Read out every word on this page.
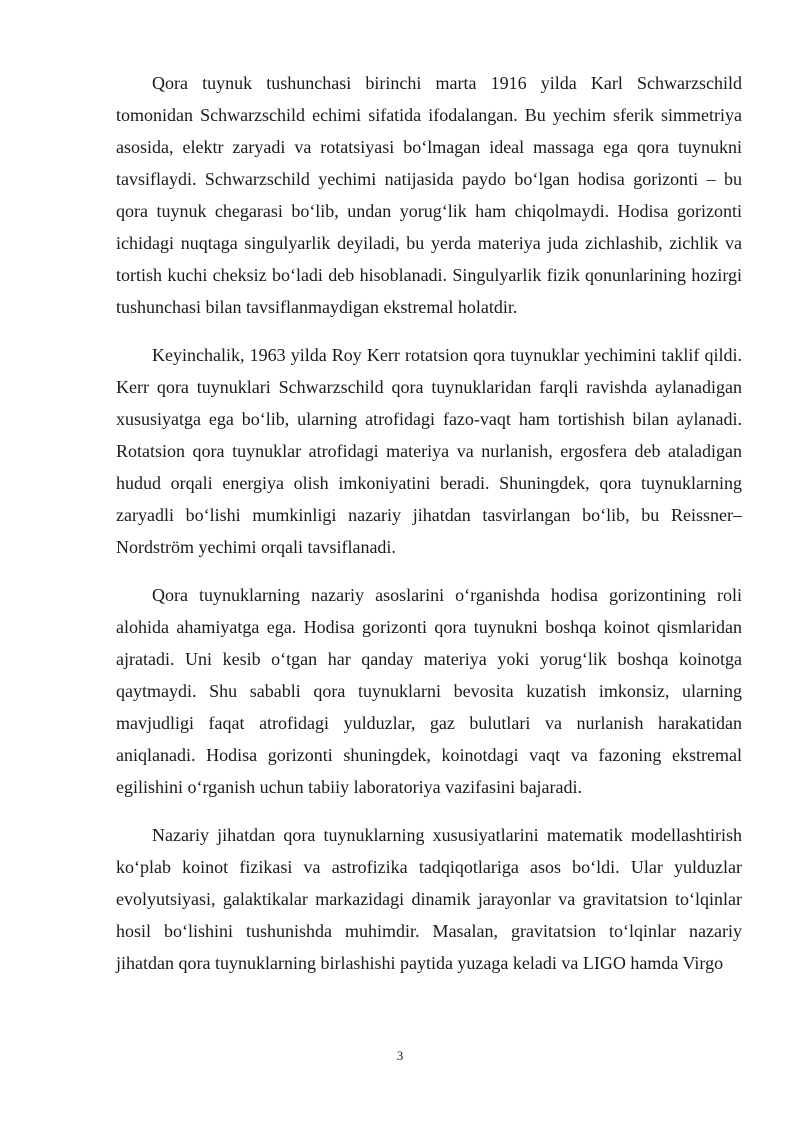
Qora tuynuk tushunchasi birinchi marta 1916 yilda Karl Schwarzschild tomonidan Schwarzschild echimi sifatida ifodalangan. Bu yechim sferik simmetriya asosida, elektr zaryadi va rotatsiyasi boʻlmagan ideal massaga ega qora tuynukni tavsiflaydi. Schwarzschild yechimi natijasida paydo boʻlgan hodisa gorizonti – bu qora tuynuk chegarasi boʻlib, undan yorugʻlik ham chiqolmaydi. Hodisa gorizonti ichidagi nuqtaga singulyarlik deyiladi, bu yerda materiya juda zichlashib, zichlik va tortish kuchi cheksiz boʻladi deb hisoblanadi. Singulyarlik fizik qonunlarining hozirgi tushunchasi bilan tavsiflanmaydigan ekstremal holatdir.

Keyinchalik, 1963 yilda Roy Kerr rotatsion qora tuynuklar yechimini taklif qildi. Kerr qora tuynuklari Schwarzschild qora tuynuklaridan farqli ravishda aylanadigan xususiyatga ega boʻlib, ularning atrofidagi fazo-vaqt ham tortishish bilan aylanadi. Rotatsion qora tuynuklar atrofidagi materiya va nurlanish, ergosfera deb ataladigan hudud orqali energiya olish imkoniyatini beradi. Shuningdek, qora tuynuklarning zaryadli boʻlishi mumkinligi nazariy jihatdan tasvirlangan boʻlib, bu Reissner–Nordström yechimi orqali tavsiflanadi.

Qora tuynuklarning nazariy asoslarini oʻrganishda hodisa gorizontining roli alohida ahamiyatga ega. Hodisa gorizonti qora tuynukni boshqa koinot qismlaridan ajratadi. Uni kesib oʻtgan har qanday materiya yoki yorugʻlik boshqa koinotga qaytmaydi. Shu sababli qora tuynuklarni bevosita kuzatish imkonsiz, ularning mavjudligi faqat atrofidagi yulduzlar, gaz bulutlari va nurlanish harakatidan aniqlanadi. Hodisa gorizonti shuningdek, koinotdagi vaqt va fazoning ekstremal egilishini oʻrganish uchun tabiiy laboratoriya vazifasini bajaradi.

Nazariy jihatdan qora tuynuklarning xususiyatlarini matematik modellashtirish koʻplab koinot fizikasi va astrofizika tadqiqotlariga asos boʻldi. Ular yulduzlar evolyutsiyasi, galaktikalar markazidagi dinamik jarayonlar va gravitatsion toʻlqinlar hosil boʻlishini tushunishda muhimdir. Masalan, gravitatsion toʻlqinlar nazariy jihatdan qora tuynuklarning birlashishi paytida yuzaga keladi va LIGO hamda Virgo

3
